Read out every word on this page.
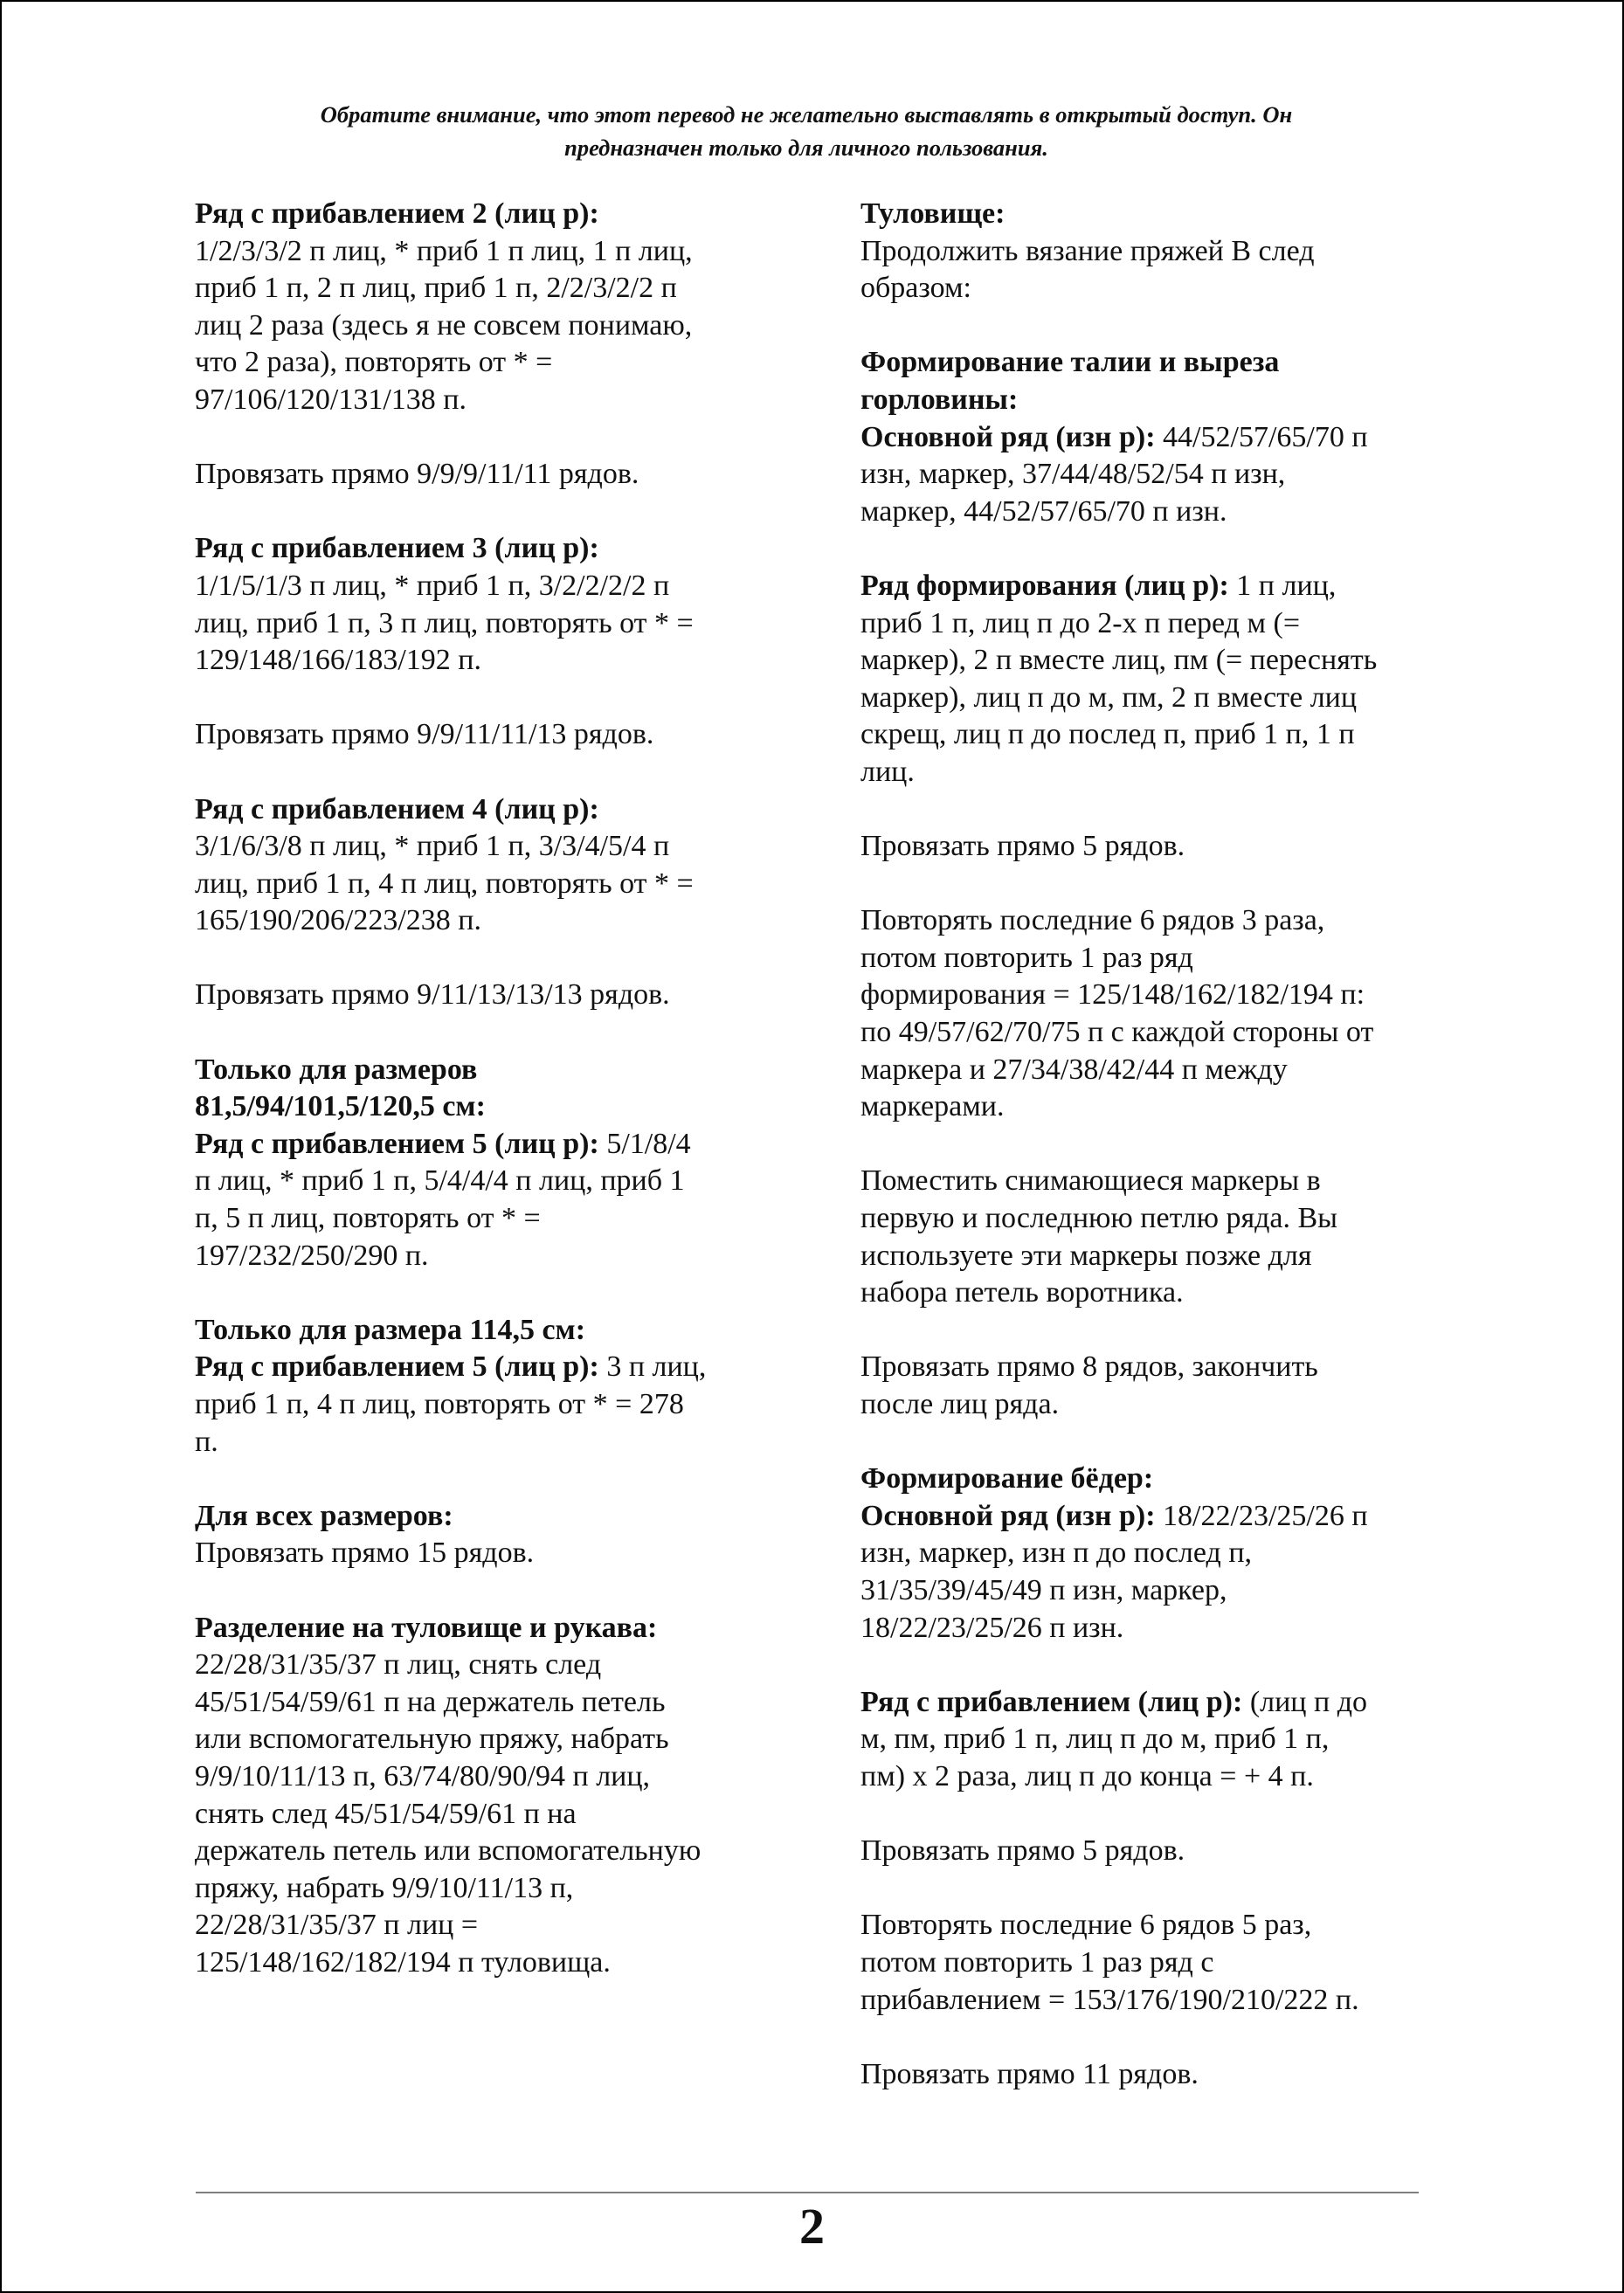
Обратите внимание, что этот перевод не желательно выставлять в открытый доступ. Он
предназначен только для личного пользования.

Ряд с прибавлением 2 (лиц р):

1/2/3/3/2 п лиц, * приб 1 п лиц, 1 п лиц,

приб 1 п, 2 п лиц, приб 1 п, 2/2/3/2/2 п

лиц 2 раза (здесь я не совсем понимаю,

что 2 раза), повторять от * =

97/106/120/131/138 п.

Провязать прямо 9/9/9/11/11 рядов.

Ряд с прибавлением 3 (лиц р):

1/1/5/1/3 п лиц, * приб 1 п, 3/2/2/2/2 п

лиц, приб 1 п, 3 п лиц, повторять от * =

129/148/166/183/192 п.

Провязать прямо 9/9/11/11/13 рядов.

Ряд с прибавлением 4 (лиц р):

3/1/6/3/8 п лиц, * приб 1 п, 3/3/4/5/4 п

лиц, приб 1 п, 4 п лиц, повторять от * =

165/190/206/223/238 п.

Провязать прямо 9/11/13/13/13 рядов.

Только для размеров

81,5/94/101,5/120,5 см:

Ряд с прибавлением 5 (лиц р): 5/1/8/4

п лиц, * приб 1 п, 5/4/4/4 п лиц, приб 1

п, 5 п лиц, повторять от * =

197/232/250/290 п.

Только для размера 114,5 см:

Ряд с прибавлением 5 (лиц р): 3 п лиц,

приб 1 п, 4 п лиц, повторять от * = 278

п.

Для всех размеров:

Провязать прямо 15 рядов.

Разделение на туловище и рукава:

22/28/31/35/37 п лиц, снять след

45/51/54/59/61 п на держатель петель

или вспомогательную пряжу, набрать

9/9/10/11/13 п, 63/74/80/90/94 п лиц,

снять след 45/51/54/59/61 п на

держатель петель или вспомогательную

пряжу, набрать 9/9/10/11/13 п,

22/28/31/35/37 п лиц =

125/148/162/182/194 п туловища.

Туловище:

Продолжить вязание пряжей В след

образом:

Формирование талии и выреза

горловины:

Основной ряд (изн р): 44/52/57/65/70 п

изн, маркер, 37/44/48/52/54 п изн,

маркер, 44/52/57/65/70 п изн.

Ряд формирования (лиц р): 1 п лиц,

приб 1 п, лиц п до 2-х п перед м (=

маркер), 2 п вместе лиц, пм (= переснять

маркер), лиц п до м, пм, 2 п вместе лиц

скрещ, лиц п до послед п, приб 1 п, 1 п

лиц.

Провязать прямо 5 рядов.

Повторять последние 6 рядов 3 раза,

потом повторить 1 раз ряд

формирования = 125/148/162/182/194 п:

по 49/57/62/70/75 п с каждой стороны от

маркера и 27/34/38/42/44 п между

маркерами.

Поместить снимающиеся маркеры в

первую и последнюю петлю ряда. Вы

используете эти маркеры позже для

набора петель воротника.

Провязать прямо 8 рядов, закончить

после лиц ряда.

Формирование бёдер:

Основной ряд (изн р): 18/22/23/25/26 п

изн, маркер, изн п до послед п,

31/35/39/45/49 п изн, маркер,

18/22/23/25/26 п изн.

Ряд с прибавлением (лиц р): (лиц п до

м, пм, приб 1 п, лиц п до м, приб 1 п,

пм) х 2 раза, лиц п до конца = + 4 п.

Провязать прямо 5 рядов.

Повторять последние 6 рядов 5 раз,

потом повторить 1 раз ряд с

прибавлением = 153/176/190/210/222 п.

Провязать прямо 11 рядов.

2
